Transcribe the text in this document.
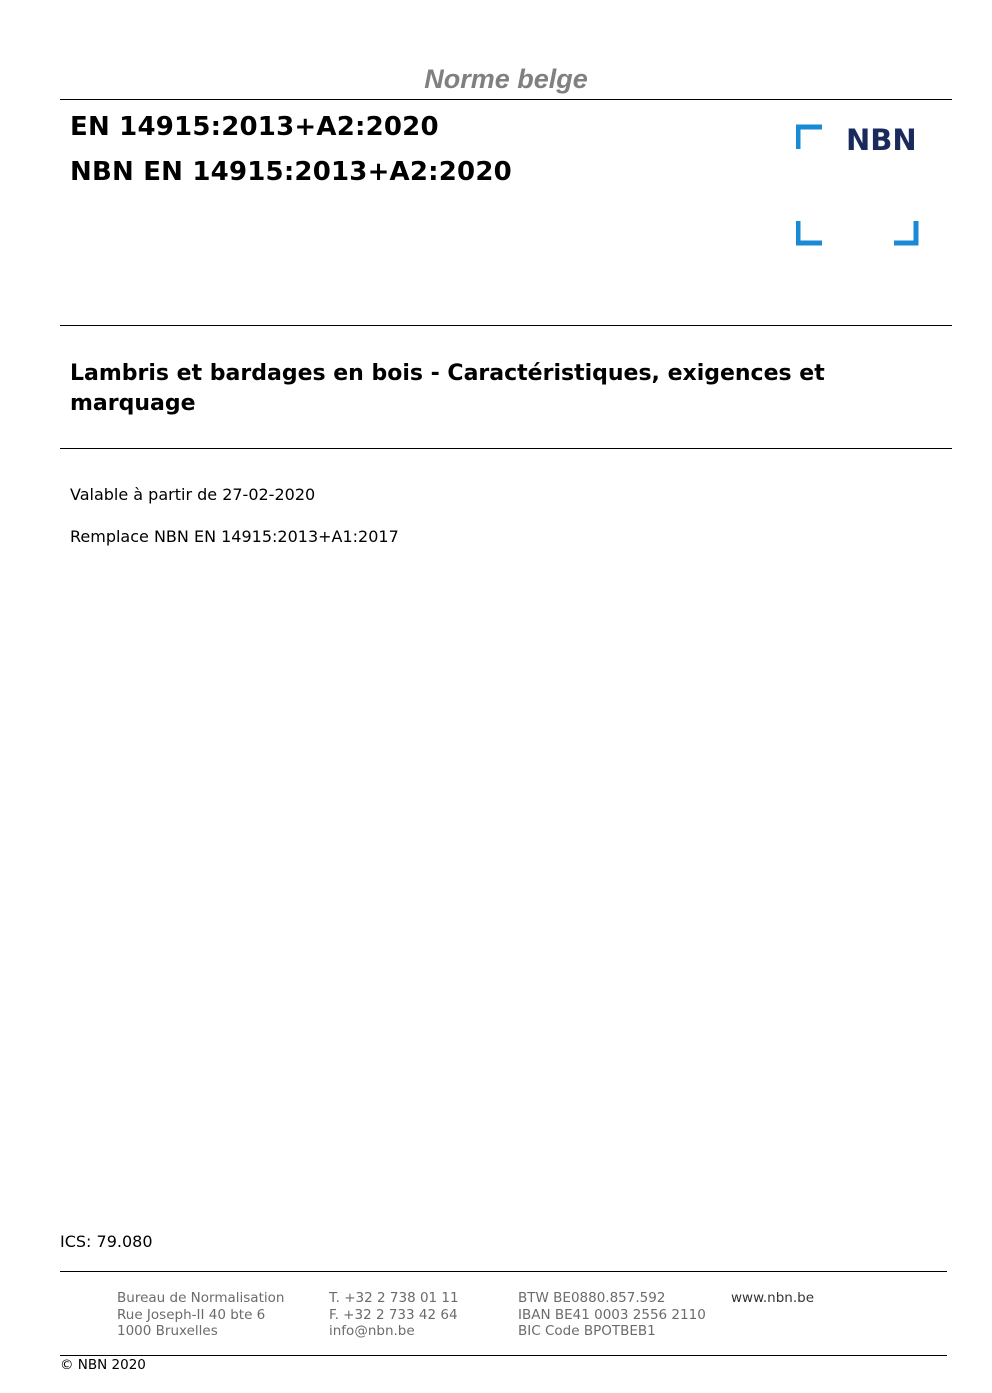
Norme belge
EN 14915:2013+A2:2020
NBN EN 14915:2013+A2:2020
NBN
Lambris et bardages en bois - Caractéristiques, exigences et marquage
Valable à partir de 27-02-2020
Remplace NBN EN 14915:2013+A1:2017
ICS: 79.080
Bureau de Normalisation
Rue Joseph-II 40 bte 6
1000 Bruxelles
T. +32 2 738 01 11
F. +32 2 733 42 64
info@nbn.be
BTW BE0880.857.592
IBAN BE41 0003 2556 2110
BIC Code BPOTBEB1
www.nbn.be
© NBN 2020
